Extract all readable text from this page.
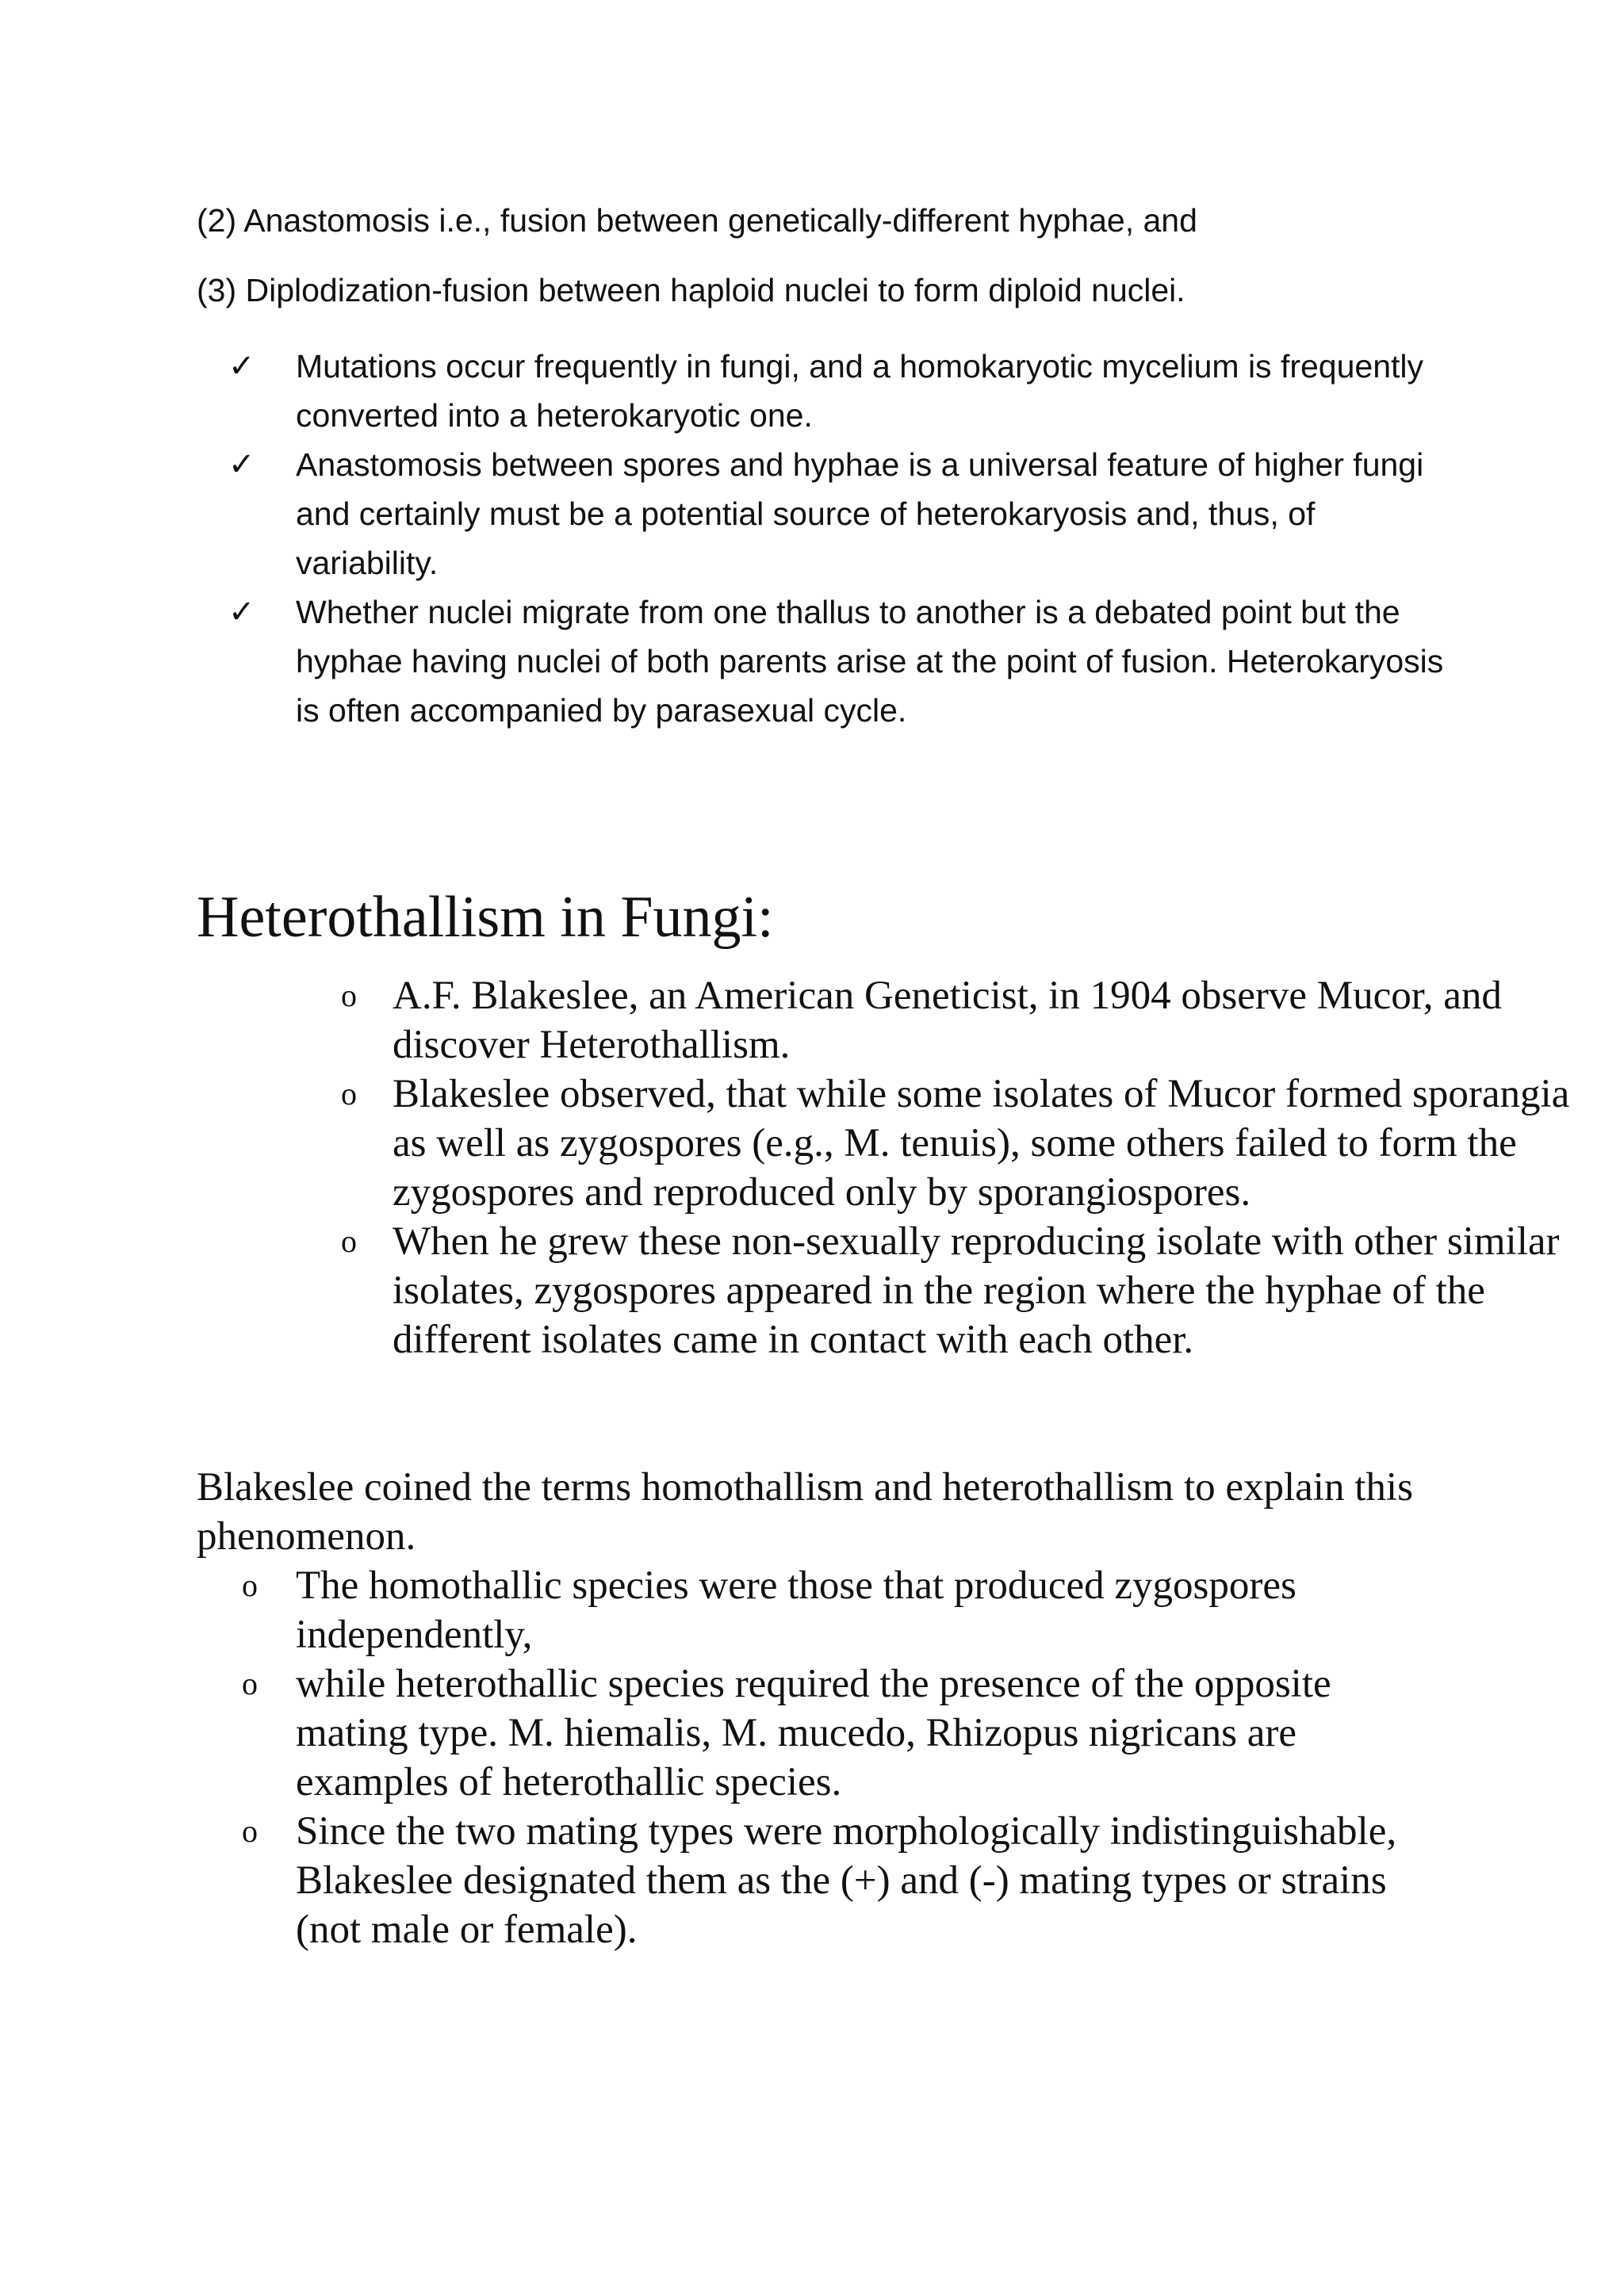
(2) Anastomosis i.e., fusion between genetically-different hyphae, and
(3) Diplodization-fusion between haploid nuclei to form diploid nuclei.
✓	Mutations occur frequently in fungi, and a homokaryotic mycelium is frequently converted into a heterokaryotic one.
✓	Anastomosis between spores and hyphae is a universal feature of higher fungi and certainly must be a potential source of heterokaryosis and, thus, of variability.
✓	Whether nuclei migrate from one thallus to another is a debated point but the hyphae having nuclei of both parents arise at the point of fusion. Heterokaryosis is often accompanied by parasexual cycle.
Heterothallism in Fungi:
o A.F. Blakeslee, an American Geneticist, in 1904 observe Mucor, and discover Heterothallism.
o Blakeslee observed, that while some isolates of Mucor formed sporangia as well as zygospores (e.g., M. tenuis), some others failed to form the zygospores and reproduced only by sporangiospores.
o When he grew these non-sexually reproducing isolate with other similar isolates, zygospores appeared in the region where the hyphae of the different isolates came in contact with each other.

Blakeslee coined the terms homothallism and heterothallism to explain this phenomenon.

o The homothallic species were those that produced zygospores independently,
o while heterothallic species required the presence of the opposite mating type. M. hiemalis, M. mucedo, Rhizopus nigricans are examples of heterothallic species.
o Since the two mating types were morphologically indistinguishable, Blakeslee designated them as the (+) and (-) mating types or strains (not male or female).
